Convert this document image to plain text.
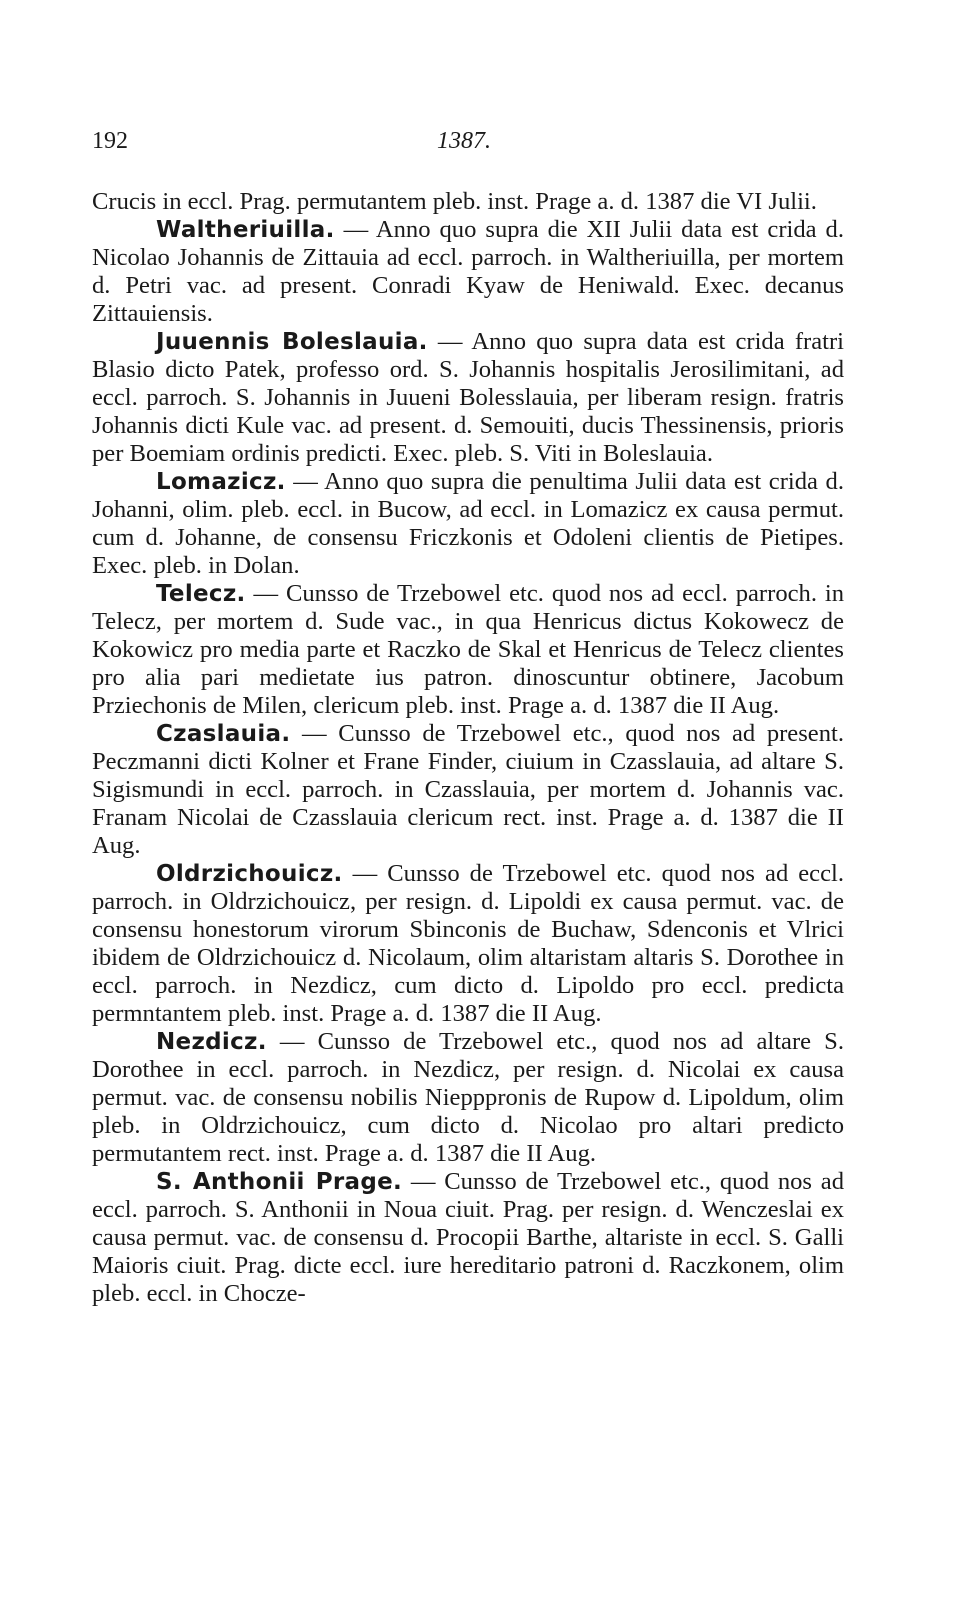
192	1387.

Crucis in eccl. Prag. permutantem pleb. inst. Prage a. d. 1387 die VI Julii.

Waltheriuilla. — Anno quo supra die XII Julii data est crida d. Nicolao Johannis de Zittauia ad eccl. parroch. in Waltheriuilla, per mortem d. Petri vac. ad present. Conradi Kyaw de Heniwald. Exec. decanus Zittauiensis.

Juuennis Boleslauia. — Anno quo supra data est crida fratri Blasio dicto Patek, professo ord. S. Johannis hospitalis Jerosilimitani, ad eccl. parroch. S. Johannis in Juueni Bolesslauia, per liberam resign. fratris Johannis dicti Kule vac. ad present. d. Semouiti, ducis Thessinensis, prioris per Boemiam ordinis predicti. Exec. pleb. S. Viti in Boleslauia.

Lomazicz. — Anno quo supra die penultima Julii data est crida d. Johanni, olim. pleb. eccl. in Bucow, ad eccl. in Lomazicz ex causa permut. cum d. Johanne, de consensu Friczkonis et Odoleni clientis de Pietipes. Exec. pleb. in Dolan.

Telecz. — Cunsso de Trzebowel etc. quod nos ad eccl. parroch. in Telecz, per mortem d. Sude vac., in qua Henricus dictus Kokowecz de Kokowicz pro media parte et Raczko de Skal et Henricus de Telecz clientes pro alia pari medietate ius patron. dinoscuntur obtinere, Jacobum Prziechonis de Milen, clericum pleb. inst. Prage a. d. 1387 die II Aug.

Czaslauia. — Cunsso de Trzebowel etc., quod nos ad present. Peczmanni dicti Kolner et Frane Finder, ciuium in Czasslauia, ad altare S. Sigismundi in eccl. parroch. in Czasslauia, per mortem d. Johannis vac. Franam Nicolai de Czasslauia clericum rect. inst. Prage a. d. 1387 die II Aug.

Oldrzichouicz. — Cunsso de Trzebowel etc. quod nos ad eccl. parroch. in Oldrzichouicz, per resign. d. Lipoldi ex causa permut. vac. de consensu honestorum virorum Sbinconis de Buchaw, Sdenconis et Vlrici ibidem de Oldrzichouicz d. Nicolaum, olim altaristam altaris S. Dorothee in eccl. parroch. in Nezdicz, cum dicto d. Lipoldo pro eccl. predicta permntantem pleb. inst. Prage a. d. 1387 die II Aug.

Nezdicz. — Cunsso de Trzebowel etc., quod nos ad altare S. Dorothee in eccl. parroch. in Nezdicz, per resign. d. Nicolai ex causa permut. vac. de consensu nobilis Niepppronis de Rupow d. Lipoldum, olim pleb. in Oldrzichouicz, cum dicto d. Nicolao pro altari predicto permutantem rect. inst. Prage a. d. 1387 die II Aug.

S. Anthonii Prage. — Cunsso de Trzebowel etc., quod nos ad eccl. parroch. S. Anthonii in Noua ciuit. Prag. per resign. d. Wenczeslai ex causa permut. vac. de consensu d. Procopii Barthe, altariste in eccl. S. Galli Maioris ciuit. Prag. dicte eccl. iure hereditario patroni d. Raczkonem, olim pleb. eccl. in Chocze-
